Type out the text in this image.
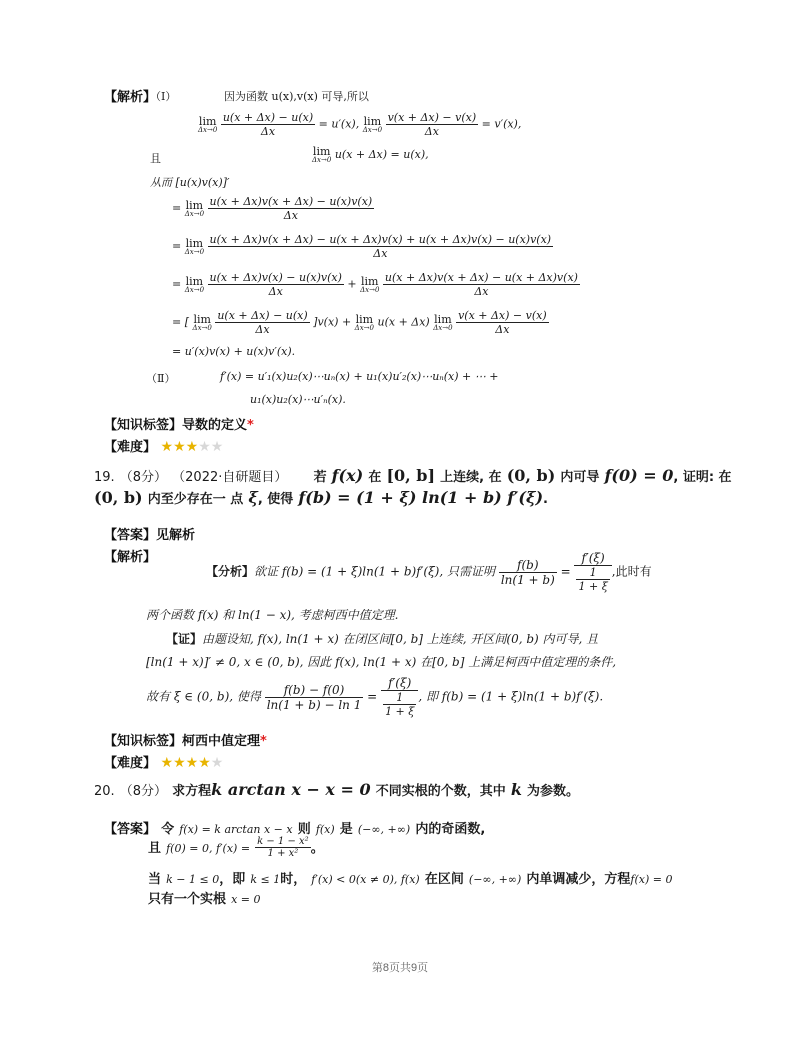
【解析】
（Ⅰ）	因为函数 u(x),v(x) 可导,所以
lim
Δx→0
$\frac{u(x + \Delta x) - u(x)}{\Delta x} = u'(x)$, lim
Δx→0
$\frac{v(x + \Delta x) - v(x)}{\Delta x} = v'(x)$,
且
lim
Δx→0 u(x + Δx) = u(x),
从而 [u(x)v(x)]′
= lim
Δx→0
$\frac{u(x + \Delta x)v(x + \Delta x) - u(x)v(x)}{\Delta x}$
= lim
Δx→0

u(x + Δx)v(x + Δx) − u(x + Δx)v(x) + u(x + Δx)v(x) − u(x)v(x)
Δx
= lim
Δx→0
$\frac{u(x + \Delta x)v(x) - u(x)v(x)}{\Delta x} + \lim$
Δx→0
$\frac{u(x + \Delta x)v(x + \Delta x) - u(x + \Delta x)v(x)}{\Delta x}$
= [ lim
Δx→0
$\frac{u(x + \Delta x) - u(x)}{\Delta x} ]v(x) + \lim$
Δx→0 u(x + Δx) lim
Δx→0
$\frac{v(x + \Delta x) - v(x)}{\Delta x}$
= u′(x)v(x) + u(x)v′(x).
（Ⅱ）	f′(x) = u′₁(x)u₂(x)⋯uₙ(x) + u₁(x)u′₂(x)⋯uₙ(x) + ⋯ +
u₁(x)u₂(x)⋯u′ₙ(x).
【知识标签】导数的定义*
【难度】 ★★★★★
19. （8分） （2022·自研题目） 若 f(x) 在 [0, b] 上连续, 在 (0, b) 内可导 f(0) = 0, 证明: 在
(0, b) 内至少存在一 点 ξ, 使得 f(b) = (1 + ξ) ln(1 + b) f′(ξ).
【答案】见解析
【解析】
【分析】欲证 f(b) = (1 + ξ)ln(1 + b)f′(ξ), 只需证明 $\frac{f(b)}{\ln(1 + b)} = \frac{f'(\xi)}{\frac{1}{1 + \xi}}$ ,此时有
两个函数 f(x) 和 ln(1 − x), 考虑柯西中值定理.
【证】由题设知, f(x), ln(1 + x) 在闭区间[0, b] 上连续, 开区间(0, b) 内可导, 且
[ln(1 + x)]′ ≠ 0, x ∈ (0, b), 因此 f(x), ln(1 + x) 在[0, b] 上满足柯西中值定理的条件,
故有 ξ ∈ (0, b), 使得 $\frac{f(b) - f(0)}{\ln(1 + b) - \ln 1} = \frac{f'(\xi)}{\frac{1}{1 + \xi}}$ , 即 f(b) = (1 + ξ)ln(1 + b)f′(ξ).
【知识标签】柯西中值定理*
【难度】 ★★★★★
20. （8分） 求方程k arctan x − x = 0 不同实根的个数，其中 k 为参数。
【答案】 令 f(x) = k arctan x − x 则 f(x) 是 (−∞, +∞) 内的奇函数,
且 f(0) = 0, $f'(x) = \frac{\text{k − 1 − x²}}{\text{1 + x²}}$ 。
当 k − 1 ≤ 0，即 k ≤ 1时， f′(x) < 0(x ≠ 0), f(x) 在区间 (−∞, +∞) 内单调减少，方程f(x) = 0
只有一个实根 x = 0
第8页共9页
